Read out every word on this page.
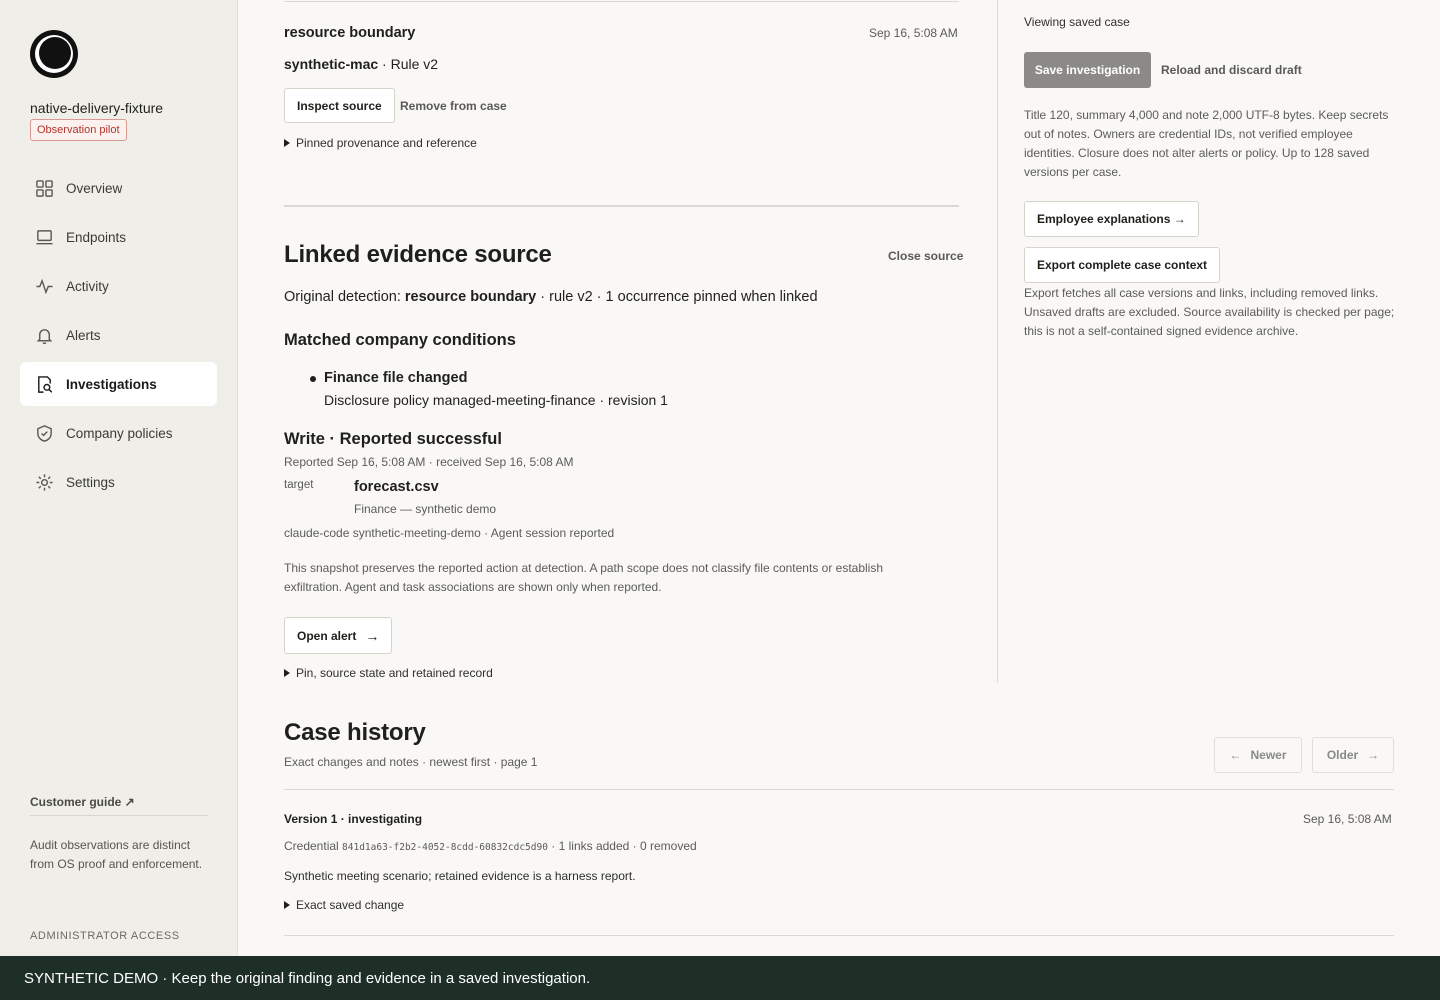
native-delivery-fixtureObservation pilot
Overview
Endpoints
Activity
Alerts
Investigations
Company policies
Settings
Customer guide ↗
Audit observations are distinct from OS proof and enforcement.
ADMINISTRATOR ACCESS
resource boundary	Sep 16, 5:08 AM
synthetic-mac · Rule v2
Inspect source	Remove from case
Pinned provenance and reference
Linked evidence source	Close source
Original detection: resource boundary · rule v2 · 1 occurrence pinned when linked
Matched company conditions
Finance file changed
Disclosure policy managed-meeting-finance · revision 1
Write · Reported successful
Reported Sep 16, 5:08 AM · received Sep 16, 5:08 AM
target	forecast.csv
Finance — synthetic demo
claude-code synthetic-meeting-demo · Agent session reported
This snapshot preserves the reported action at detection. A path scope does not classify file contents or establish exfiltration. Agent and task associations are shown only when reported.
Open alert →
Pin, source state and retained record
Viewing saved case
Save investigation	Reload and discard draft
Title 120, summary 4,000 and note 2,000 UTF-8 bytes. Keep secrets out of notes. Owners are credential IDs, not verified employee identities. Closure does not alter alerts or policy. Up to 128 saved versions per case.
Employee explanations →
Export complete case context
Export fetches all case versions and links, including removed links. Unsaved drafts are excluded. Source availability is checked per page; this is not a self-contained signed evidence archive.
Case history
Exact changes and notes · newest first · page 1	← Newer	Older →
Version 1 · investigating	Sep 16, 5:08 AM
Credential 841d1a63-f2b2-4052-8cdd-60832cdc5d90 · 1 links added · 0 removed
Synthetic meeting scenario; retained evidence is a harness report.
Exact saved change
SYNTHETIC DEMO · Keep the original finding and evidence in a saved investigation.
